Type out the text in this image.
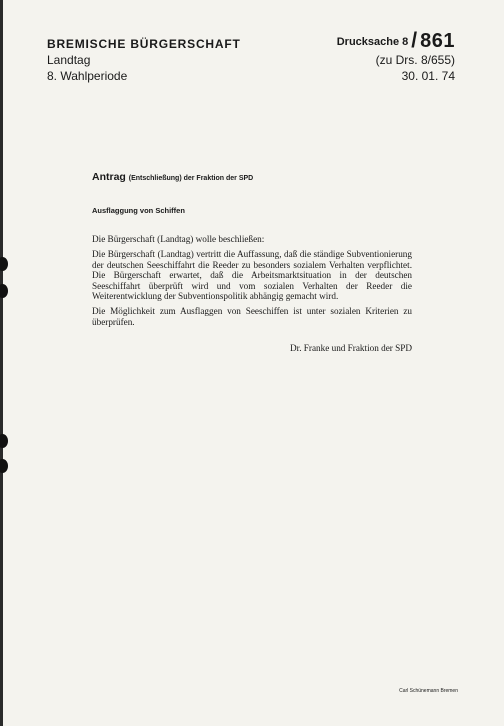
BREMISCHE BÜRGERSCHAFT
Landtag
8. Wahlperiode
Drucksache 8 / 861
(zu Drs. 8/655)
30. 01. 74
Antrag (Entschließung) der Fraktion der SPD
Ausflaggung von Schiffen

Die Bürgerschaft (Landtag) wolle beschließen:

Die Bürgerschaft (Landtag) vertritt die Auffassung, daß die ständige Subventionierung der deutschen Seeschiffahrt die Reeder zu besonders sozialem Verhalten verpflichtet. Die Bürgerschaft erwartet, daß die Arbeitsmarktsituation in der deutschen Seeschiffahrt überprüft wird und vom sozialen Verhalten der Reeder die Weiterentwicklung der Subventionspolitik abhängig gemacht wird.

Die Möglichkeit zum Ausflaggen von Seeschiffen ist unter sozialen Kriterien zu überprüfen.

Dr. Franke und Fraktion der SPD
Carl Schünemann Bremen
